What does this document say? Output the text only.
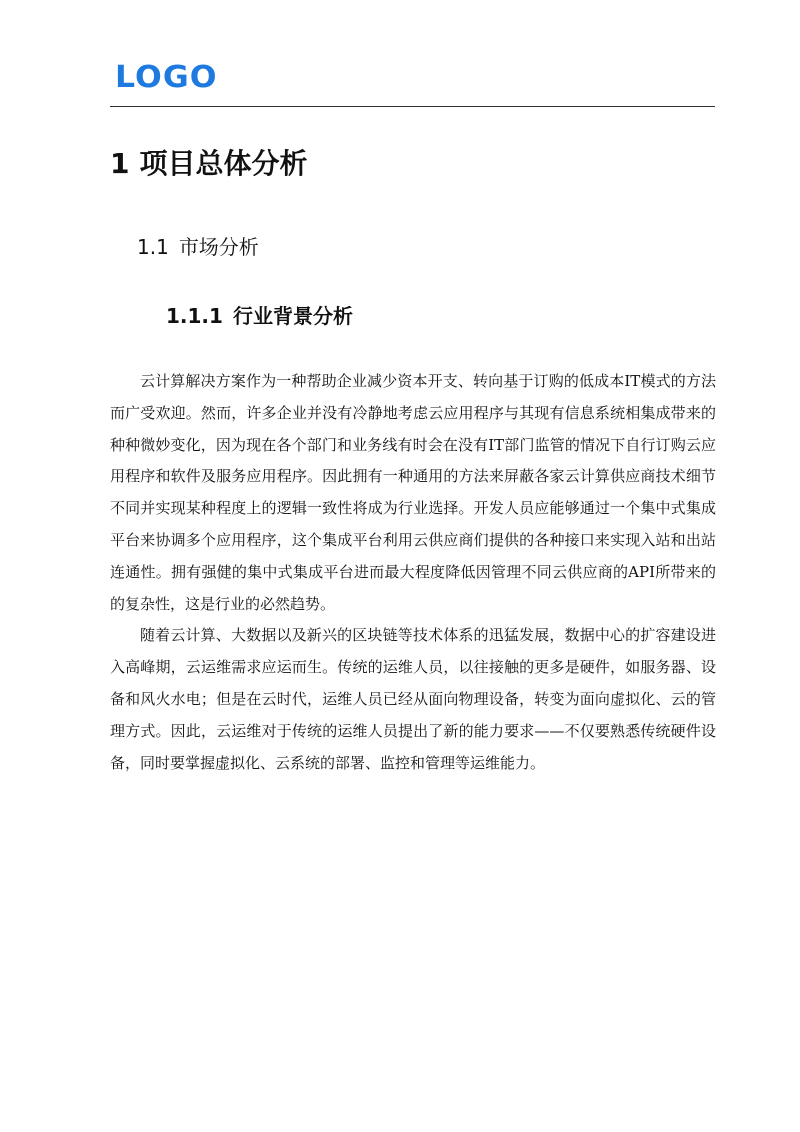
LOGO
1 项目总体分析
1.1 市场分析
1.1.1 行业背景分析

云计算解决方案作为一种帮助企业减少资本开支、转向基于订购的低成本IT模式的方法而广受欢迎。然而，许多企业并没有冷静地考虑云应用程序与其现有信息系统相集成带来的种种微妙变化，因为现在各个部门和业务线有时会在没有IT部门监管的情况下自行订购云应用程序和软件及服务应用程序。因此拥有一种通用的方法来屏蔽各家云计算供应商技术细节不同并实现某种程度上的逻辑一致性将成为行业选择。开发人员应能够通过一个集中式集成平台来协调多个应用程序，这个集成平台利用云供应商们提供的各种接口来实现入站和出站连通性。拥有强健的集中式集成平台进而最大程度降低因管理不同云供应商的API所带来的的复杂性，这是行业的必然趋势。

随着云计算、大数据以及新兴的区块链等技术体系的迅猛发展，数据中心的扩容建设进入高峰期，云运维需求应运而生。传统的运维人员，以往接触的更多是硬件，如服务器、设备和风火水电；但是在云时代，运维人员已经从面向物理设备，转变为面向虚拟化、云的管理方式。因此，云运维对于传统的运维人员提出了新的能力要求——不仅要熟悉传统硬件设备，同时要掌握虚拟化、云系统的部署、监控和管理等运维能力。
